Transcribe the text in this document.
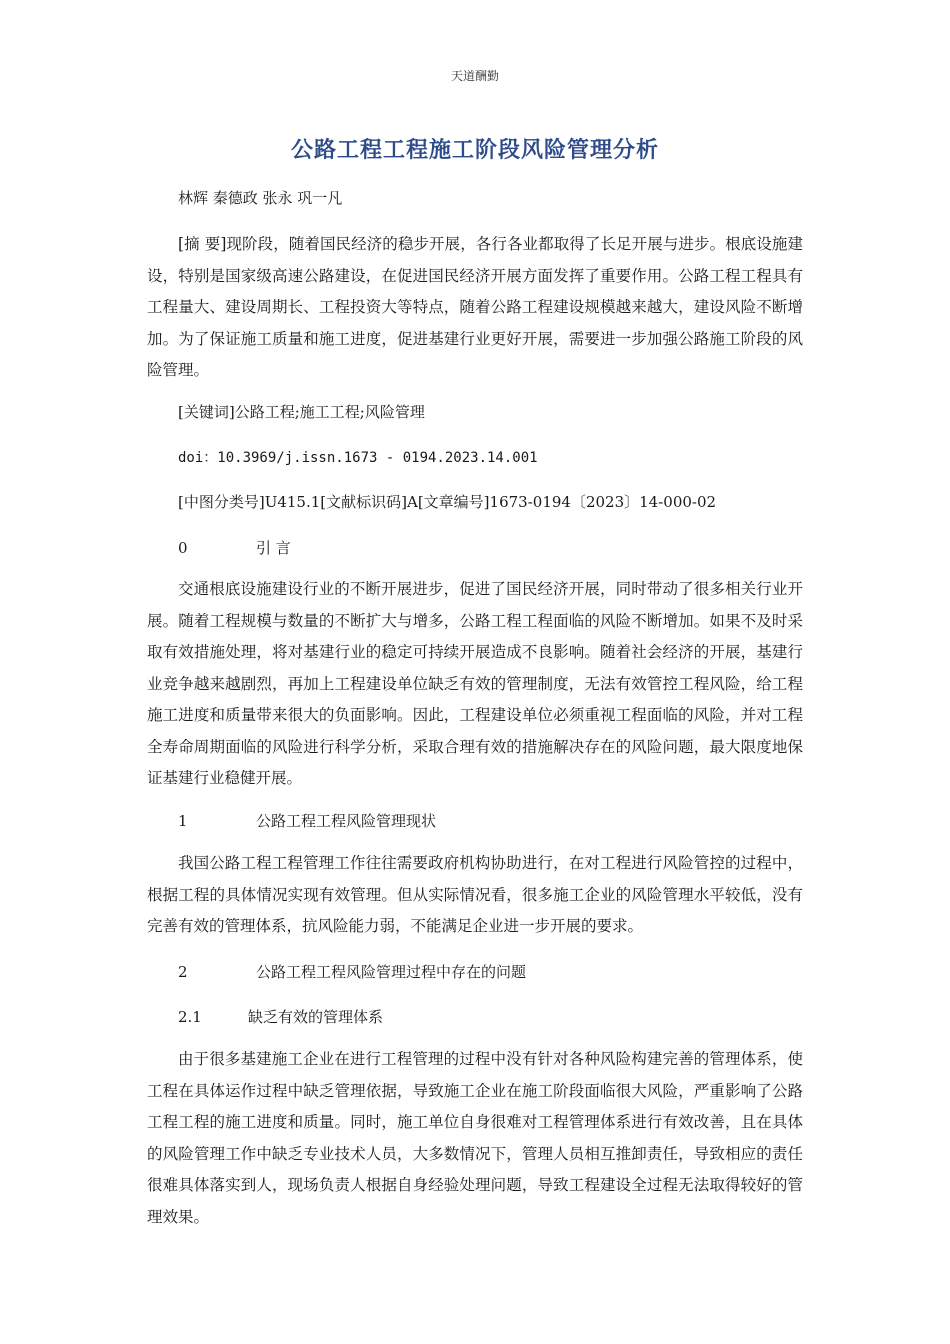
天道酬勤
公路工程工程施工阶段风险管理分析
林辉 秦德政 张永 巩一凡

[摘 要]现阶段，随着国民经济的稳步开展，各行各业都取得了长足开展与进步。根底设施建设，特别是国家级高速公路建设，在促进国民经济开展方面发挥了重要作用。公路工程工程具有工程量大、建设周期长、工程投资大等特点，随着公路工程建设规模越来越大，建设风险不断增加。为了保证施工质量和施工进度，促进基建行业更好开展，需要进一步加强公路施工阶段的风险管理。

[关键词]公路工程;施工工程;风险管理
doi：10.3969/j.issn.1673 - 0194.2023.14.001
[中图分类号]U415.1[文献标识码]A[文章编号]1673-0194〔2023〕14-000-02
0	引 言

交通根底设施建设行业的不断开展进步，促进了国民经济开展，同时带动了很多相关行业开展。随着工程规模与数量的不断扩大与增多，公路工程工程面临的风险不断增加。如果不及时采取有效措施处理，将对基建行业的稳定可持续开展造成不良影响。随着社会经济的开展，基建行业竞争越来越剧烈，再加上工程建设单位缺乏有效的管理制度，无法有效管控工程风险，给工程施工进度和质量带来很大的负面影响。因此，工程建设单位必须重视工程面临的风险，并对工程全寿命周期面临的风险进行科学分析，采取合理有效的措施解决存在的风险问题，最大限度地保证基建行业稳健开展。

1	公路工程工程风险管理现状

我国公路工程工程管理工作往往需要政府机构协助进行，在对工程进行风险管控的过程中，根据工程的具体情况实现有效管理。但从实际情况看，很多施工企业的风险管理水平较低，没有完善有效的管理体系，抗风险能力弱，不能满足企业进一步开展的要求。

2	公路工程工程风险管理过程中存在的问题
2.1	缺乏有效的管理体系

由于很多基建施工企业在进行工程管理的过程中没有针对各种风险构建完善的管理体系，使工程在具体运作过程中缺乏管理依据，导致施工企业在施工阶段面临很大风险，严重影响了公路工程工程的施工进度和质量。同时，施工单位自身很难对工程管理体系进行有效改善，且在具体的风险管理工作中缺乏专业技术人员，大多数情况下，管理人员相互推卸责任，导致相应的责任很难具体落实到人，现场负责人根据自身经验处理问题，导致工程建设全过程无法取得较好的管理效果。
